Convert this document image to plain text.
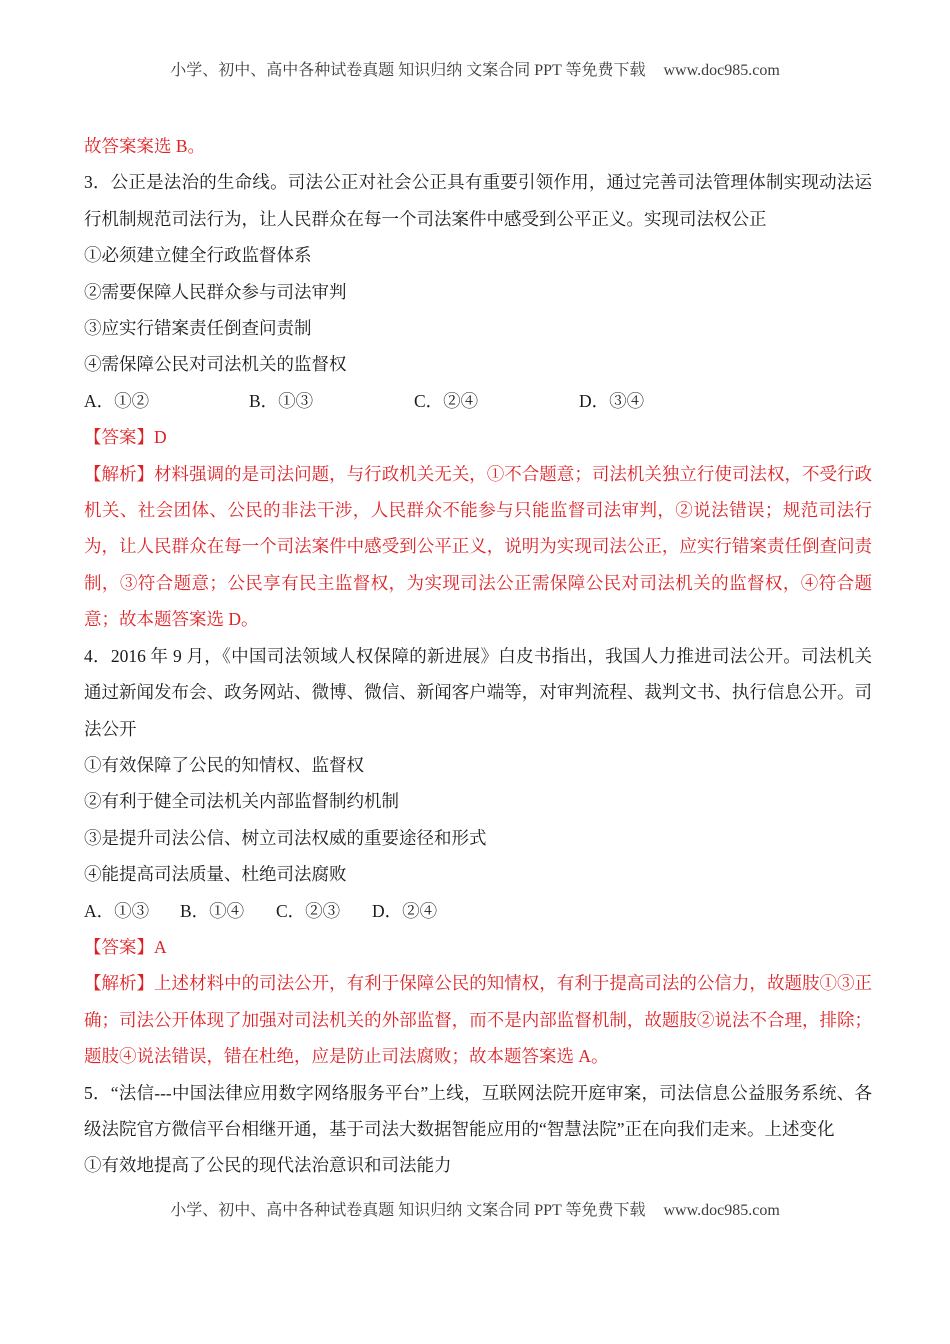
小学、初中、高中各种试卷真题 知识归纳 文案合同 PPT 等免费下载 www.doc985.com

故答案案选 B。

3．公正是法治的生命线。司法公正对社会公正具有重要引领作用，通过完善司法管理体制实现动法运行机制规范司法行为，让人民群众在每一个司法案件中感受到公平正义。实现司法权公正

①必须建立健全行政监督体系

②需要保障人民群众参与司法审判

③应实行错案责任倒查问责制

④需保障公民对司法机关的监督权

A．①②	B．①③	C．②④	D．③④

【答案】D

【解析】材料强调的是司法问题，与行政机关无关，①不合题意；司法机关独立行使司法权，不受行政机关、社会团体、公民的非法干涉，人民群众不能参与只能监督司法审判，②说法错误；规范司法行为，让人民群众在每一个司法案件中感受到公平正义，说明为实现司法公正，应实行错案责任倒查问责制，③符合题意；公民享有民主监督权，为实现司法公正需保障公民对司法机关的监督权，④符合题意；故本题答案选 D。

4．2016 年 9 月，《中国司法领域人权保障的新进展》白皮书指出，我国人力推进司法公开。司法机关通过新闻发布会、政务网站、微博、微信、新闻客户端等，对审判流程、裁判文书、执行信息公开。司法公开

①有效保障了公民的知情权、监督权

②有利于健全司法机关内部监督制约机制

③是提升司法公信、树立司法权威的重要途径和形式

④能提高司法质量、杜绝司法腐败

A．①③	B．①④	C．②③	D．②④

【答案】A

【解析】上述材料中的司法公开，有利于保障公民的知情权，有利于提高司法的公信力，故题肢①③正确；司法公开体现了加强对司法机关的外部监督，而不是内部监督机制，故题肢②说法不合理，排除；题肢④说法错误，错在杜绝，应是防止司法腐败；故本题答案选 A。

5．“法信---中国法律应用数字网络服务平台”上线，互联网法院开庭审案，司法信息公益服务系统、各级法院官方微信平台相继开通，基于司法大数据智能应用的“智慧法院”正在向我们走来。上述变化

①有效地提高了公民的现代法治意识和司法能力

小学、初中、高中各种试卷真题 知识归纳 文案合同 PPT 等免费下载 www.doc985.com
